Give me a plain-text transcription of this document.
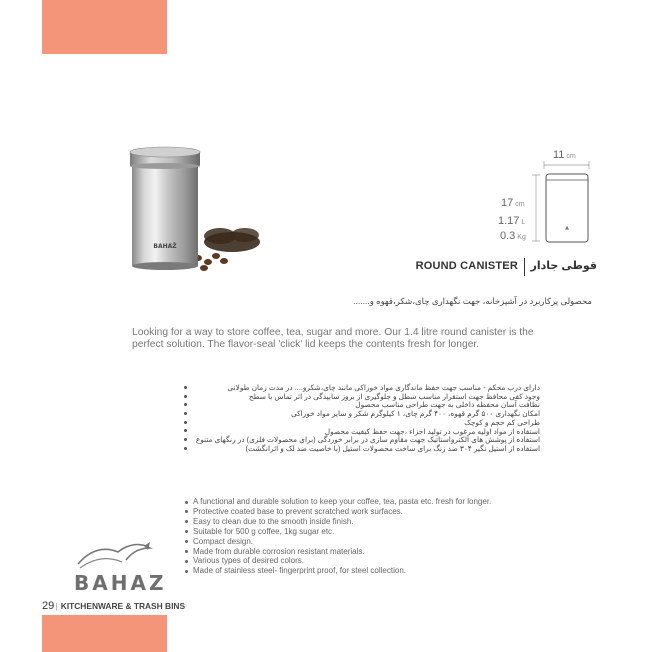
BAHAŽ
▲
11 cm
17 cm
1.17 L
0.3 Kg
ROUND CANISTER قوطی جادار
محصولی پرکاربرد در آشپزخانه، جهت نگهداری چای،شکر،قهوه و.......
Looking for a way to store coffee, tea, sugar and more. Our 1.4 litre round canister is the perfect solution. The flavor-seal 'click' lid keeps the contents fresh for longer.
دارای درب محکم - مناسب جهت حفظ ماندگاری مواد خوراکی مانند چای،شکرو.... در مدت زمان طولانی
وجود کفی محافظ جهت استقرار مناسب سطل و جلوگیری از بروز سابیدگی در اثر تماس با سطح
نظافت آسان محفظه داخلی به جهت طراحی مناسب محصول
امکان نگهداری ۵۰۰ گرم قهوه، ۴۰۰ گرم چای، ۱ کیلوگرم شکر و سایر مواد خوراکی
طراحی کم حجم و کوچک
استفاده از مواد اولیه مرغوب در تولید اجزاء ،جهت حفظ کیفیت محصول
استفاده از پوشش های الکترواستاتیک جهت مقاوم سازی در برابر خوردگی (برای محصولات فلزی) در رنگهای متنوع
استفاده از استیل نگیر ۳۰۴ ضد زنگ برای ساخت محصولات استیل (با خاصیت ضد لک و اثرانگشت)
A functional and durable solution to keep your coffee, tea, pasta etc. fresh for longer.
Protective coated base to prevent scratched work surfaces.
Easy to clean due to the smooth inside finish.
Suitable for 500 g coffee, 1kg sugar etc.
Compact design.
Made from durable corrosion resistant materials.
Various types of desired colors.
Made of stainless steel- fingerprint proof, for steel collection.
BAHAZ
29| KITCHENWARE & TRASH BINS
